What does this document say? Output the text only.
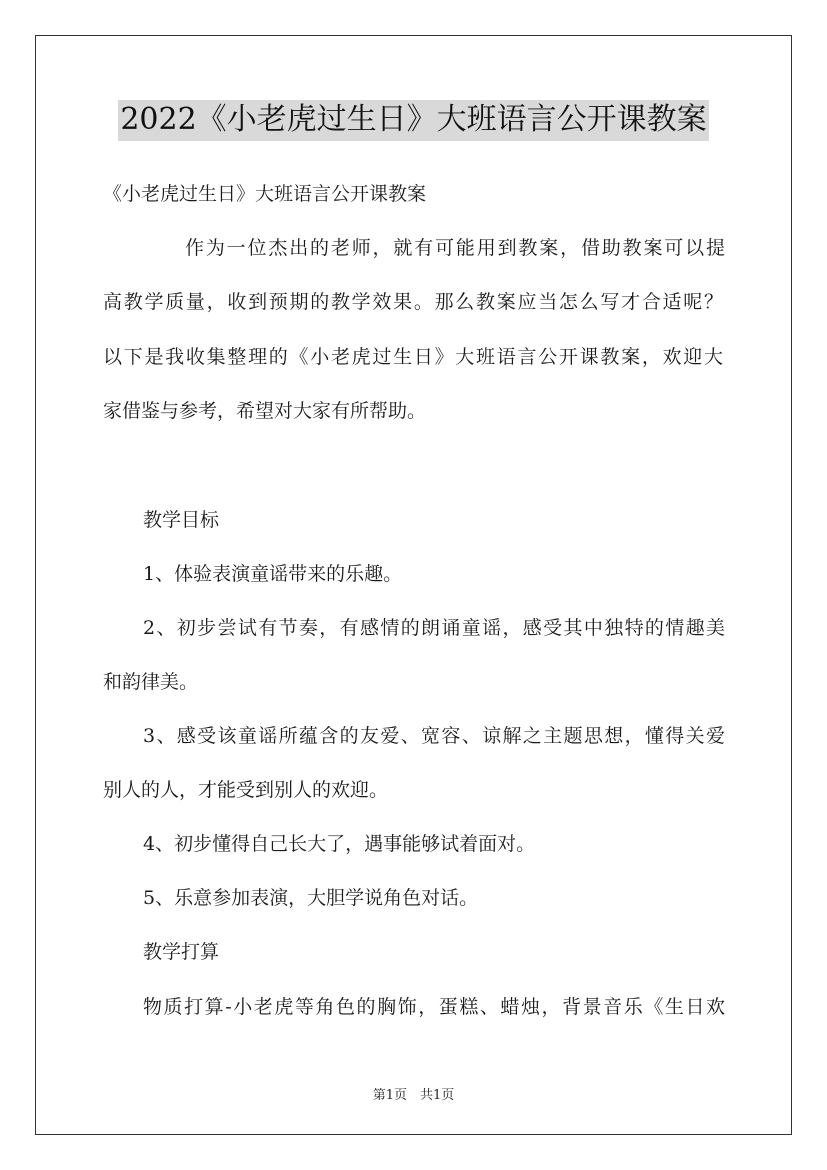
2022《小老虎过生日》大班语言公开课教案

《小老虎过生日》大班语言公开课教案

作为一位杰出的老师，就有可能用到教案，借助教案可以提

高教学质量，收到预期的教学效果。那么教案应当怎么写才合适呢？

以下是我收集整理的《小老虎过生日》大班语言公开课教案，欢迎大

家借鉴与参考，希望对大家有所帮助。

教学目标

1、体验表演童谣带来的乐趣。

2、初步尝试有节奏，有感情的朗诵童谣，感受其中独特的情趣美

和韵律美。

3、感受该童谣所蕴含的友爱、宽容、谅解之主题思想，懂得关爱

别人的人，才能受到别人的欢迎。

4、初步懂得自己长大了，遇事能够试着面对。

5、乐意参加表演，大胆学说角色对话。

教学打算

物质打算-小老虎等角色的胸饰，蛋糕、蜡烛，背景音乐《生日欢

第1页　共1页
